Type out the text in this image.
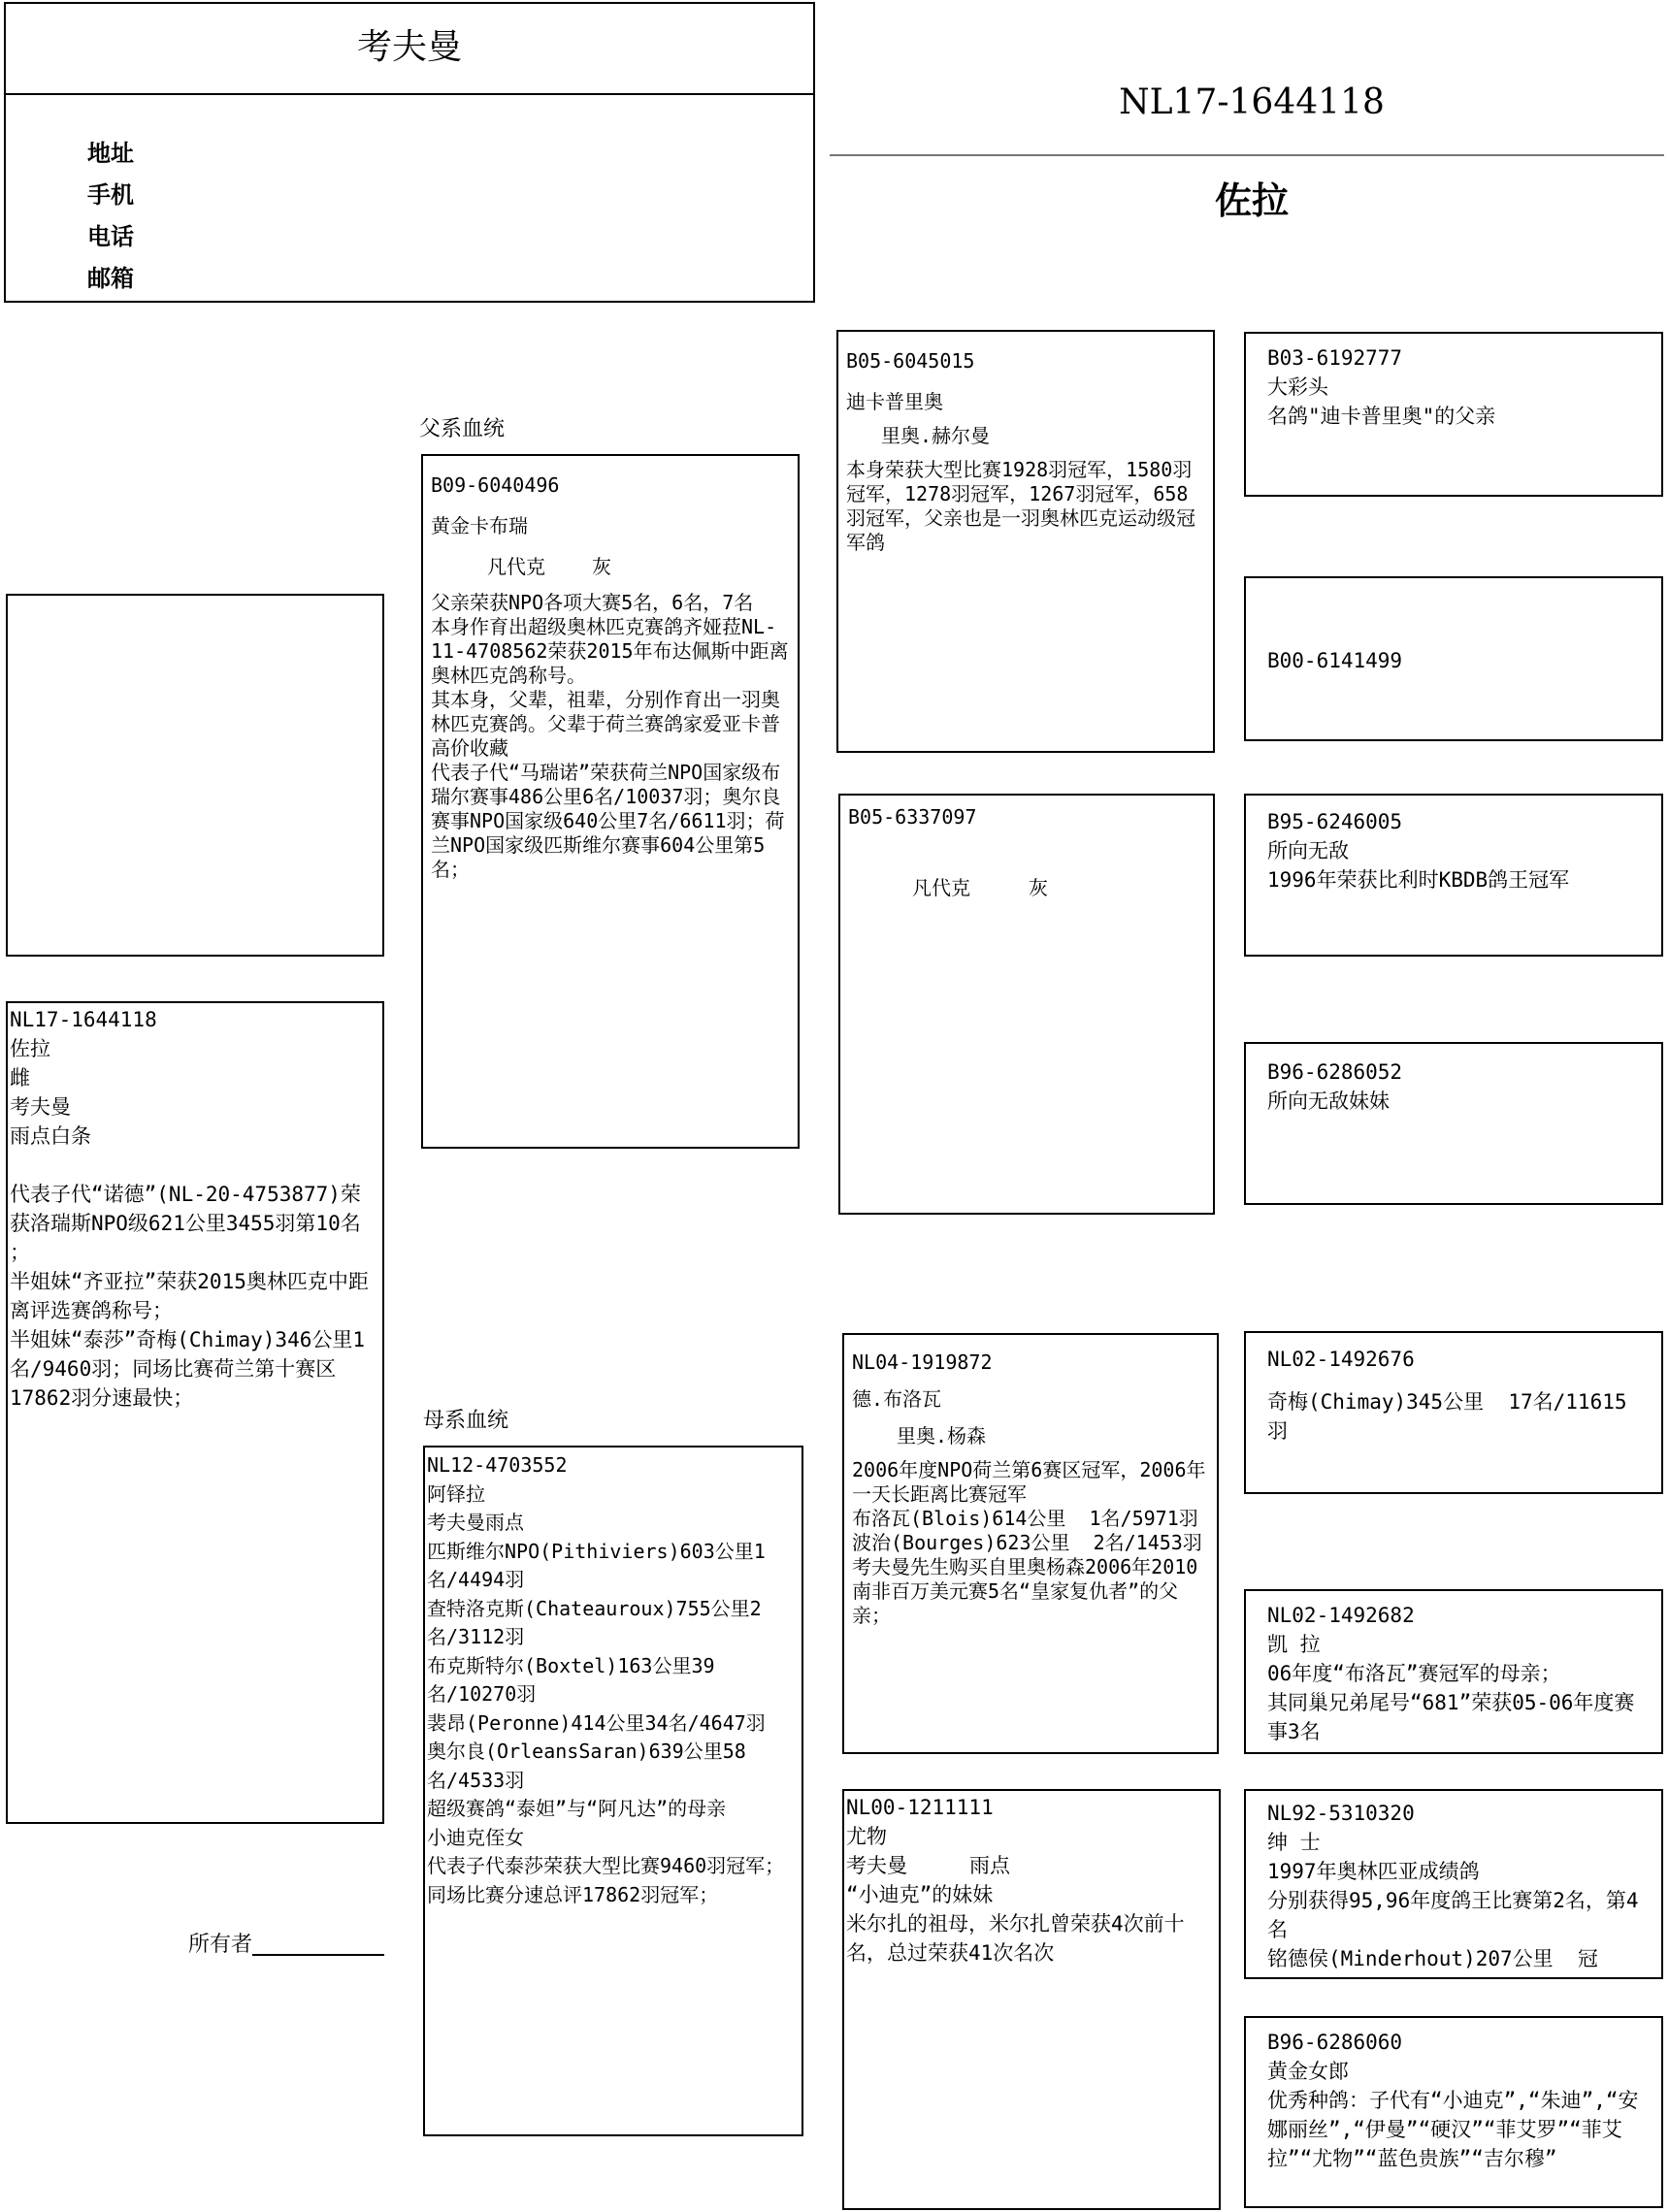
考夫曼
地址
手机
电话
邮箱
NL17-1644118
佐拉
NL17-1644118
佐拉
雌
考夫曼
雨点白条
代表子代“诺德”(NL-20-4753877)荣获洛瑞斯NPO级621公里3455羽第10名 ；
半姐妹“齐亚拉”荣获2015奥林匹克中距离评选赛鸽称号；
半姐妹“泰莎”奇梅(Chimay)346公里1名/9460羽；同场比赛荷兰第十赛区17862羽分速最快；
所有者
父系血统
B09-6040496
黄金卡布瑞
凡代克 灰
父亲荣获NPO各项大赛5名，6名，7名
本身作育出超级奥林匹克赛鸽齐娅菈NL-11-4708562荣获2015年布达佩斯中距离奥林匹克鸽称号。
其本身，父辈，祖辈，分别作育出一羽奥林匹克赛鸽。父辈于荷兰赛鸽家爱亚卡普高价收藏
代表子代“马瑞诺”荣获荷兰NPO国家级布瑞尔赛事486公里6名/10037羽；奥尔良赛事NPO国家级640公里7名/6611羽；荷兰NPO国家级匹斯维尔赛事604公里第5名；
母系血统
NL12-4703552
阿铎拉
考夫曼雨点
匹斯维尔NPO(Pithiviers)603公里1名/4494羽
查特洛克斯(Chateauroux)755公里2名/3112羽
布克斯特尔(Boxtel)163公里39名/10270羽
裴昂(Peronne)414公里34名/4647羽
奥尔良(OrleansSaran)639公里58名/4533羽
超级赛鸽“泰妲”与“阿凡达”的母亲
小迪克侄女
代表子代泰莎荣获大型比赛9460羽冠军；同场比赛分速总评17862羽冠军；
B05-6045015
迪卡普里奥
里奥.赫尔曼
本身荣获大型比赛1928羽冠军，1580羽冠军，1278羽冠军，1267羽冠军，658羽冠军，父亲也是一羽奥林匹克运动级冠军鸽
B05-6337097
凡代克	灰
NL04-1919872
德.布洛瓦
里奥.杨森
2006年度NPO荷兰第6赛区冠军，2006年一天长距离比赛冠军
布洛瓦(Blois)614公里  1名/5971羽
波治(Bourges)623公里  2名/1453羽
考夫曼先生购买自里奥杨森2006年2010南非百万美元赛5名“皇家复仇者”的父亲；
NL00-1211111
尤物
考夫曼	雨点
“小迪克”的妹妹
米尔扎的祖母，米尔扎曾荣获4次前十名，总过荣获41次名次
B03-6192777
大彩头
名鸽"迪卡普里奥"的父亲
B00-6141499
B95-6246005
所向无敌
1996年荣获比利时KBDB鸽王冠军
B96-6286052
所向无敌妹妹
NL02-1492676
奇梅(Chimay)345公里  17名/11615羽
NL02-1492682
凯 拉
06年度“布洛瓦”赛冠军的母亲；
其同巢兄弟尾号“681”荣获05-06年度赛事3名
NL92-5310320
绅 士
1997年奥林匹亚成绩鸽
分别获得95,96年度鸽王比赛第2名，第4名
铭德侯(Minderhout)207公里  冠
B96-6286060
黄金女郎
优秀种鸽：子代有“小迪克”,“朱迪”,“安娜丽丝”,“伊曼”“硬汉”“菲艾罗”“菲艾拉”“尤物”“蓝色贵族”“吉尔穆”
